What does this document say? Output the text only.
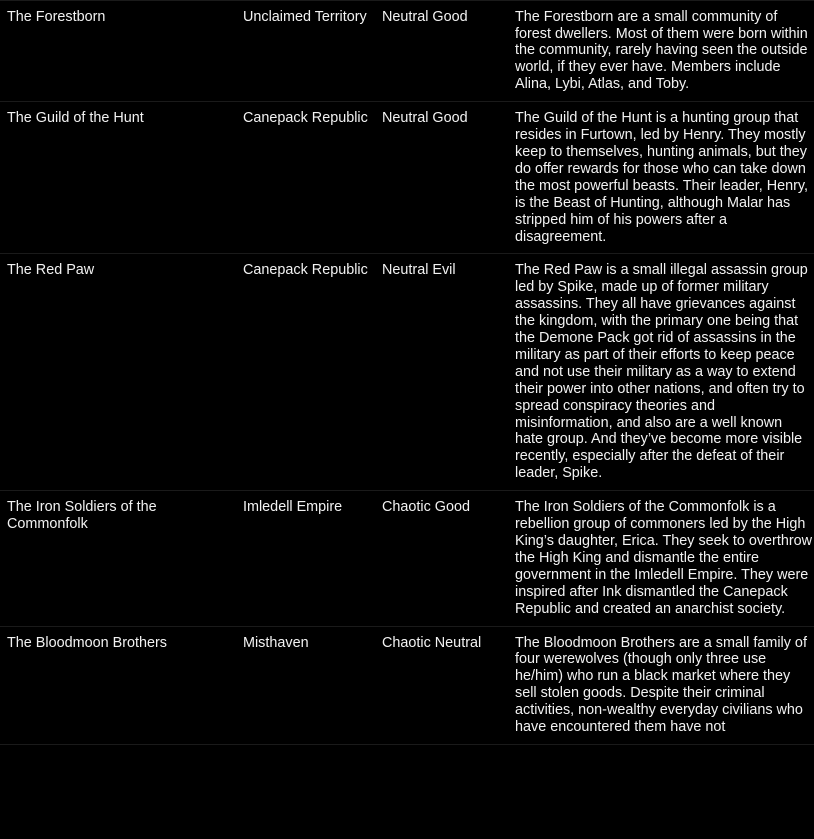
The Forestborn	Unclaimed Territory	Neutral Good	The Forestborn are a small community of forest dwellers. Most of them were born within the community, rarely having seen the outside world, if they ever have. Members include Alina, Lybi, Atlas, and Toby.
The Guild of the Hunt	Canepack Republic	Neutral Good	The Guild of the Hunt is a hunting group that resides in Furtown, led by Henry. They mostly keep to themselves, hunting animals, but they do offer rewards for those who can take down the most powerful beasts. Their leader, Henry, is the Beast of Hunting, although Malar has stripped him of his powers after a disagreement.
The Red Paw	Canepack Republic	Neutral Evil	The Red Paw is a small illegal assassin group led by Spike, made up of former military assassins. They all have grievances against the kingdom, with the primary one being that the Demone Pack got rid of assassins in the military as part of their efforts to keep peace and not use their military as a way to extend their power into other nations, and often try to spread conspiracy theories and misinformation, and also are a well known hate group. And they’ve become more visible recently, especially after the defeat of their leader, Spike.
The Iron Soldiers of the Commonfolk	Imledell Empire	Chaotic Good	The Iron Soldiers of the Commonfolk is a rebellion group of commoners led by the High King’s daughter, Erica. They seek to overthrow the High King and dismantle the entire government in the Imledell Empire. They were inspired after Ink dismantled the Canepack Republic and created an anarchist society.
The Bloodmoon Brothers	Misthaven	Chaotic Neutral	The Bloodmoon Brothers are a small family of four werewolves (though only three use he/him) who run a black market where they sell stolen goods. Despite their criminal activities, non-wealthy everyday civilians who have encountered them have not
